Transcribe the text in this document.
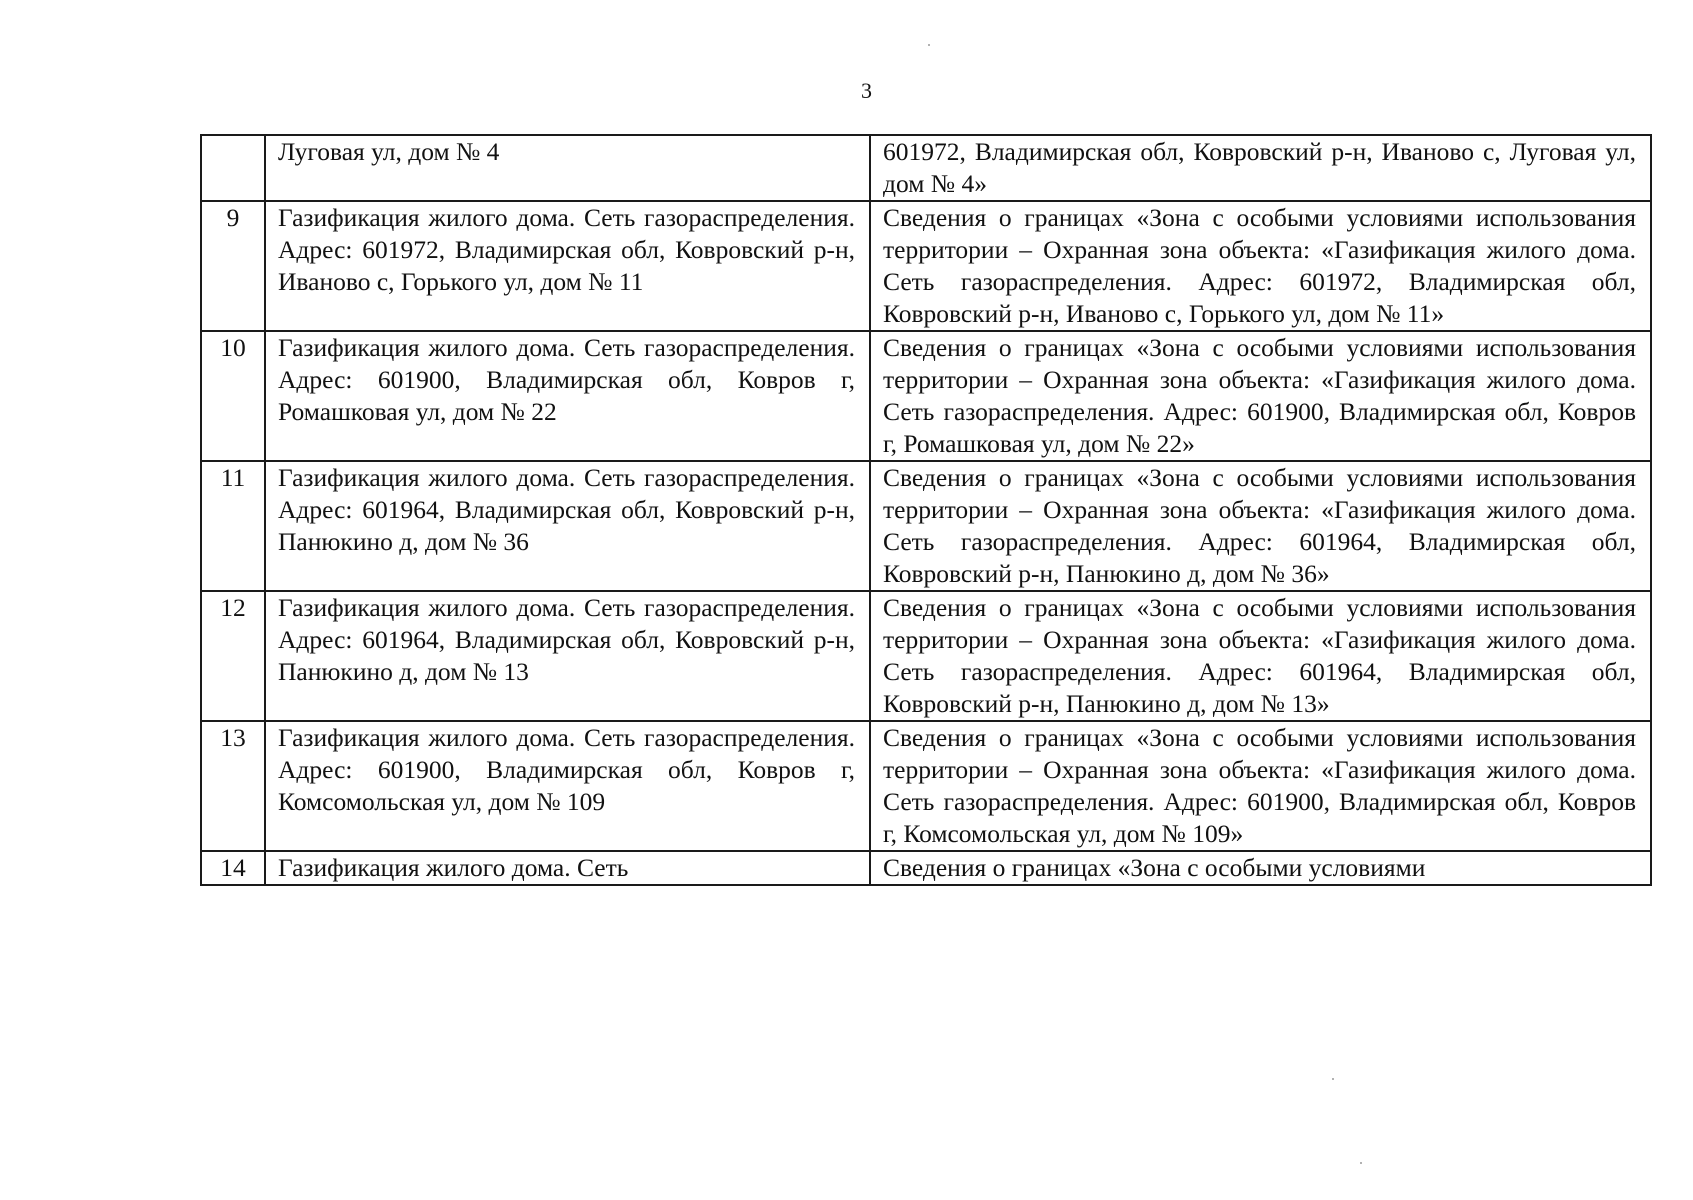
3
	Луговая ул, дом № 4	601972, Владимирская обл, Ковровский р-н, Иваново с, Луговая ул, дом № 4»
9	Газификация жилого дома. Сеть газораспределения. Адрес: 601972, Владимирская обл, Ковровский р-н, Иваново с, Горького ул, дом № 11	Сведения о границах «Зона с особыми условиями использования территории – Охранная зона объекта: «Газификация жилого дома. Сеть газораспределения. Адрес: 601972, Владимирская обл, Ковровский р-н, Иваново с, Горького ул, дом № 11»
10	Газификация жилого дома. Сеть газораспределения. Адрес: 601900, Владимирская обл, Ковров г, Ромашковая ул, дом № 22	Сведения о границах «Зона с особыми условиями использования территории – Охранная зона объекта: «Газификация жилого дома. Сеть газораспределения. Адрес: 601900, Владимирская обл, Ковров г, Ромашковая ул, дом № 22»
11	Газификация жилого дома. Сеть газораспределения. Адрес: 601964, Владимирская обл, Ковровский р-н, Панюкино д, дом № 36	Сведения о границах «Зона с особыми условиями использования территории – Охранная зона объекта: «Газификация жилого дома. Сеть газораспределения. Адрес: 601964, Владимирская обл, Ковровский р-н, Панюкино д, дом № 36»
12	Газификация жилого дома. Сеть газораспределения. Адрес: 601964, Владимирская обл, Ковровский р-н, Панюкино д, дом № 13	Сведения о границах «Зона с особыми условиями использования территории – Охранная зона объекта: «Газификация жилого дома. Сеть газораспределения. Адрес: 601964, Владимирская обл, Ковровский р-н, Панюкино д, дом № 13»
13	Газификация жилого дома. Сеть газораспределения. Адрес: 601900, Владимирская обл, Ковров г, Комсомольская ул, дом № 109	Сведения о границах «Зона с особыми условиями использования территории – Охранная зона объекта: «Газификация жилого дома. Сеть газораспределения. Адрес: 601900, Владимирская обл, Ковров г, Комсомольская ул, дом № 109»
14	Газификация жилого дома. Сеть	Сведения о границах «Зона с особыми условиями
